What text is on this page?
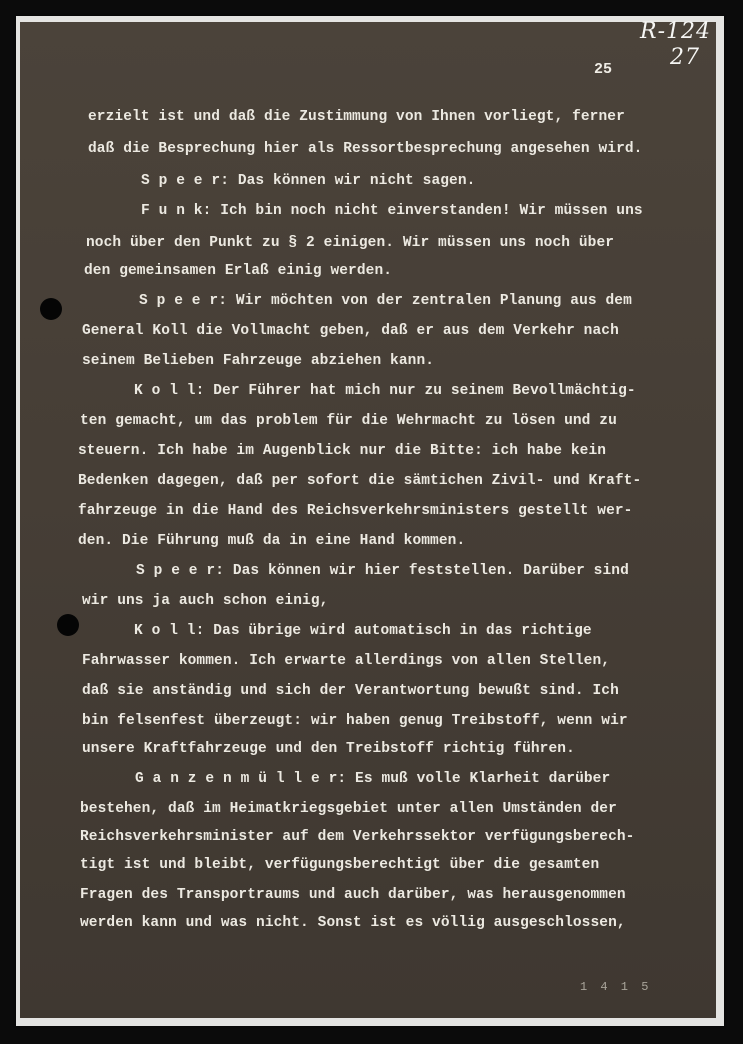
R-124
27
25
erzielt ist und daß die Zustimmung von Ihnen vorliegt, ferner
daß die Besprechung hier als Ressortbesprechung angesehen wird.
S p e e r: Das können wir nicht sagen.
F u n k: Ich bin noch nicht einverstanden! Wir müssen uns
noch über den Punkt zu § 2 einigen. Wir müssen uns noch über
den gemeinsamen Erlaß einig werden.
S p e e r: Wir möchten von der zentralen Planung aus dem
General Koll die Vollmacht geben, daß er aus dem Verkehr nach
seinem Belieben Fahrzeuge abziehen kann.
K o l l: Der Führer hat mich nur zu seinem Bevollmächtig-
ten gemacht, um das problem für die Wehrmacht zu lösen und zu
steuern. Ich habe im Augenblick nur die Bitte: ich habe kein
Bedenken dagegen, daß per sofort die sämtichen Zivil- und Kraft-
fahrzeuge in die Hand des Reichsverkehrsministers gestellt wer-
den. Die Führung muß da in eine Hand kommen.
S p e e r: Das können wir hier feststellen. Darüber sind
wir uns ja auch schon einig,
K o l l: Das übrige wird automatisch in das richtige
Fahrwasser kommen. Ich erwarte allerdings von allen Stellen,
daß sie anständig und sich der Verantwortung bewußt sind. Ich
bin felsenfest überzeugt: wir haben genug Treibstoff, wenn wir
unsere Kraftfahrzeuge und den Treibstoff richtig führen.
G a n z e n m ü l l e r: Es muß volle Klarheit darüber
bestehen, daß im Heimatkriegsgebiet unter allen Umständen der
Reichsverkehrsminister auf dem Verkehrssektor verfügungsberech-
tigt ist und bleibt, verfügungsberechtigt über die gesamten
Fragen des Transportraums und auch darüber, was herausgenommen
werden kann und was nicht. Sonst ist es völlig ausgeschlossen,
1 4 1 5
